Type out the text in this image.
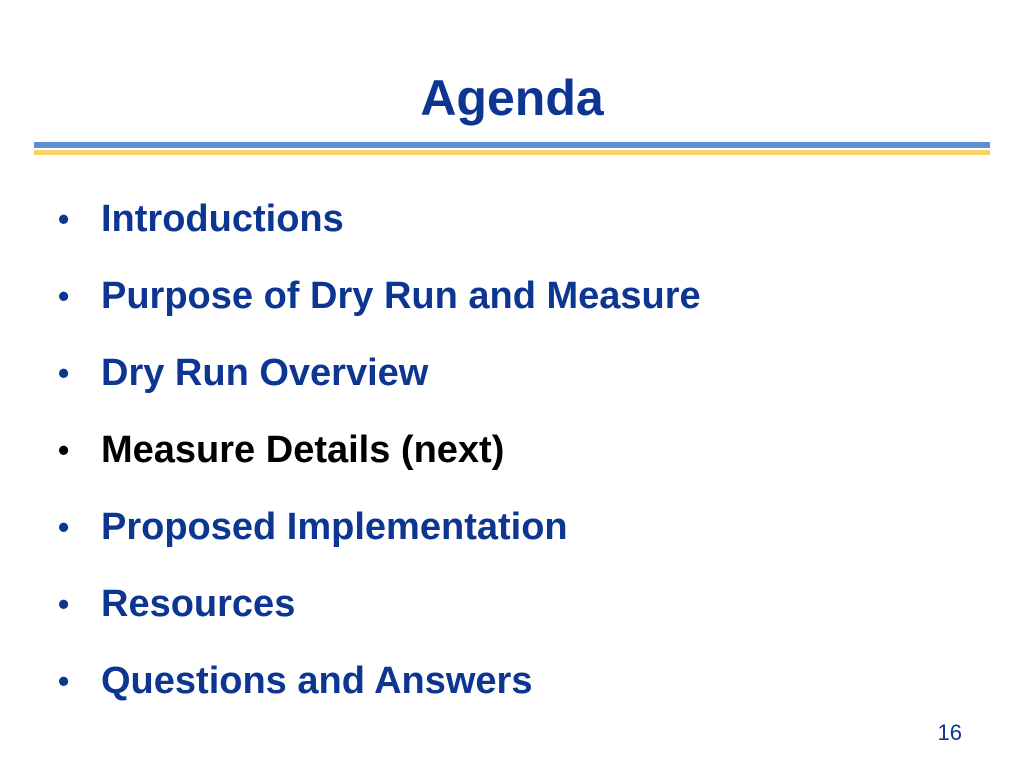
Agenda
• Introductions
• Purpose of Dry Run and Measure
• Dry Run Overview
• Measure Details (next)
• Proposed Implementation
• Resources
• Questions and Answers
16
